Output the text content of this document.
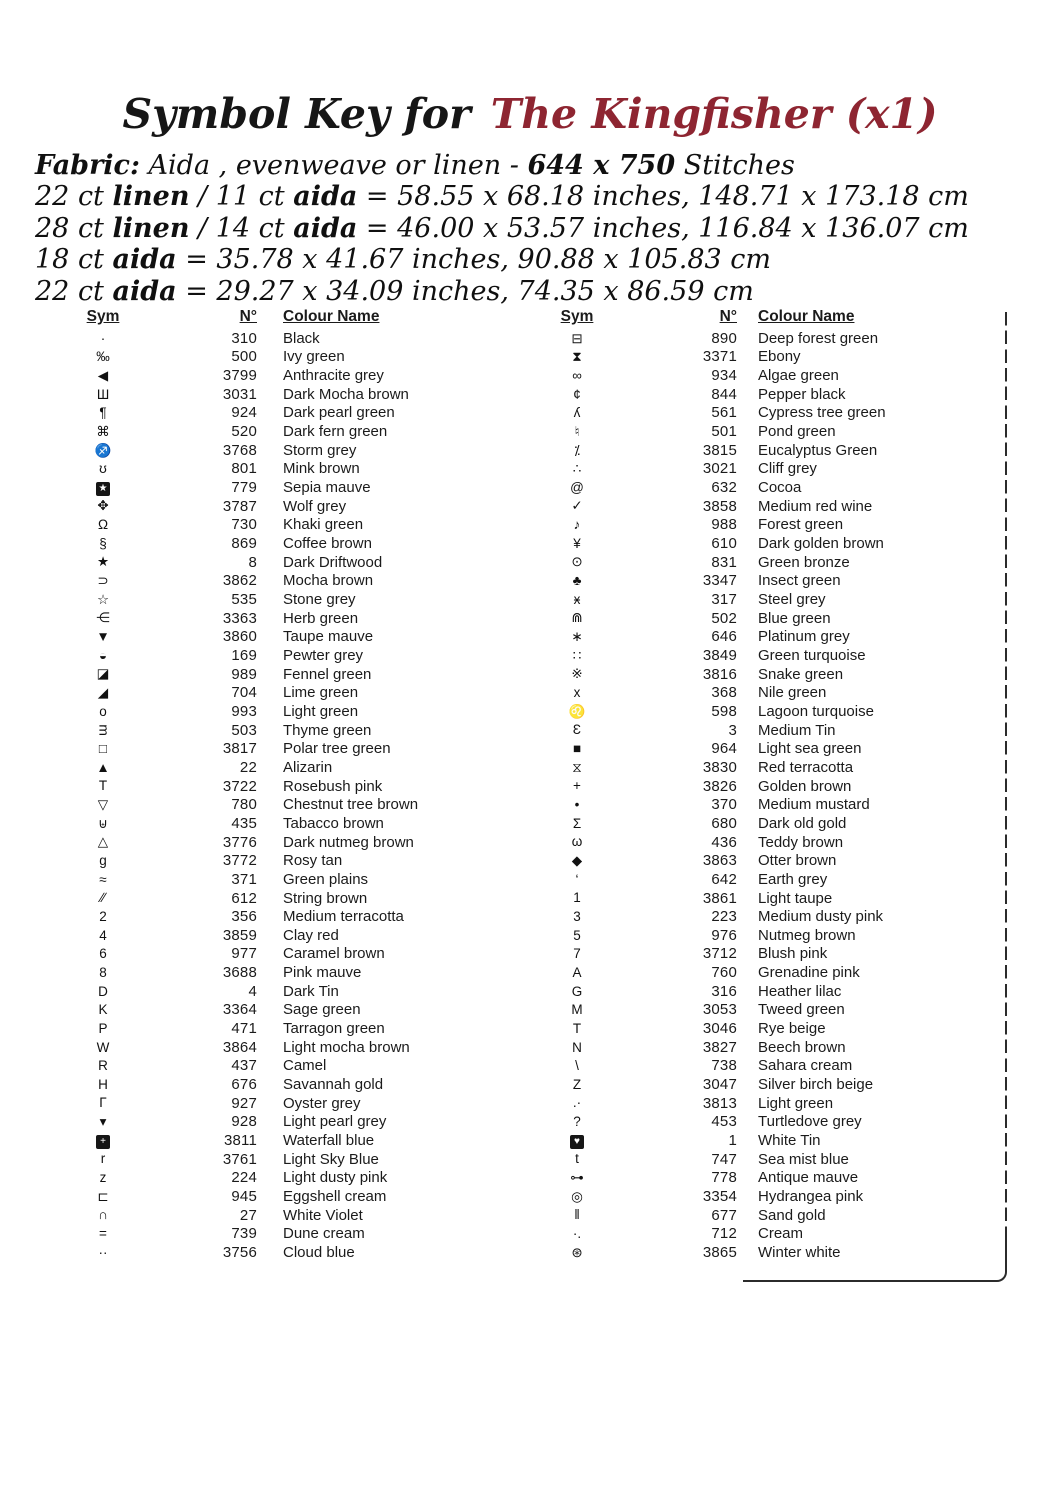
Symbol Key for The Kingfisher (x1)
Fabric: Aida , evenweave or linen - 644 x 750 Stitches
22 ct linen / 11 ct aida = 58.55 x 68.18 inches, 148.71 x 173.18 cm
28 ct linen / 14 ct aida = 46.00 x 53.57 inches, 116.84 x 136.07 cm
18 ct aida = 35.78 x 41.67 inches, 90.88 x 105.83 cm
22 ct aida = 29.27 x 34.09 inches, 74.35 x 86.59 cm
Sym	N° Colour Name
·	310 Black
‰	500 Ivy green
◀	3799 Anthracite grey
Ш	3031 Dark Mocha brown
¶	924 Dark pearl green
⌘	520 Dark fern green
♐	3768 Storm grey
ʊ	801 Mink brown
★	779 Sepia mauve
✥	3787 Wolf grey
Ω	730 Khaki green
§	869 Coffee brown
★	8 Dark Driftwood
⊃	3862 Mocha brown
☆	535 Stone grey
⋲	3363 Herb green
▼	3860 Taupe mauve
◒	169 Pewter grey
◪	989 Fennel green
◢	704 Lime green
o	993 Light green
ᴟ	503 Thyme green
□	3817 Polar tree green
▲	22 Alizarin
Τ	3722 Rosebush pink
▽	780 Chestnut tree brown
⊎	435 Tabacco brown
△	3776 Dark nutmeg brown
g	3772 Rosy tan
≈	371 Green plains
∕∕	612 String brown
2	356 Medium terracotta
4	3859 Clay red
6	977 Caramel brown
8	3688 Pink mauve
D	4 Dark Tin
K	3364 Sage green
P	471 Tarragon green
W	3864 Light mocha brown
R	437 Camel
H	676 Savannah gold
Γ	927 Oyster grey
▾	928 Light pearl grey
+	3811 Waterfall blue
r	3761 Light Sky Blue
z	224 Light dusty pink
⊏	945 Eggshell cream
∩	27 White Violet
=	739 Dune cream
··	3756 Cloud blue
Sym	N° Colour Name
⊟	890 Deep forest green
⧗	3371 Ebony
∞	934 Algae green
¢	844 Pepper black
ʎ	561 Cypress tree green
♮	501 Pond green
⁒	3815 Eucalyptus Green
∴	3021 Cliff grey
@	632 Cocoa
✓	3858 Medium red wine
♪	988 Forest green
¥	610 Dark golden brown
⊙	831 Green bronze
♣	3347 Insect green
ӿ	317 Steel grey
⋒	502 Blue green
∗	646 Platinum grey
∷	3849 Green turquoise
※	3816 Snake green
x	368 Nile green
♌	598 Lagoon turquoise
Ɛ	3 Medium Tin
■	964 Light sea green
⧖	3830 Red terracotta
+	3826 Golden brown
•	370 Medium mustard
Σ	680 Dark old gold
ω	436 Teddy brown
◆	3863 Otter brown
‘	642 Earth grey
1	3861 Light taupe
3	223 Medium dusty pink
5	976 Nutmeg brown
7	3712 Blush pink
A	760 Grenadine pink
G	316 Heather lilac
M	3053 Tweed green
T	3046 Rye beige
N	3827 Beech brown
\	738 Sahara cream
Z	3047 Silver birch beige
.·	3813 Light green
?	453 Turtledove grey
♥	1 White Tin
t	747 Sea mist blue
⊶	778 Antique mauve
◎	3354 Hydrangea pink
‖	677 Sand gold
·.	712 Cream
⊛	3865 Winter white
